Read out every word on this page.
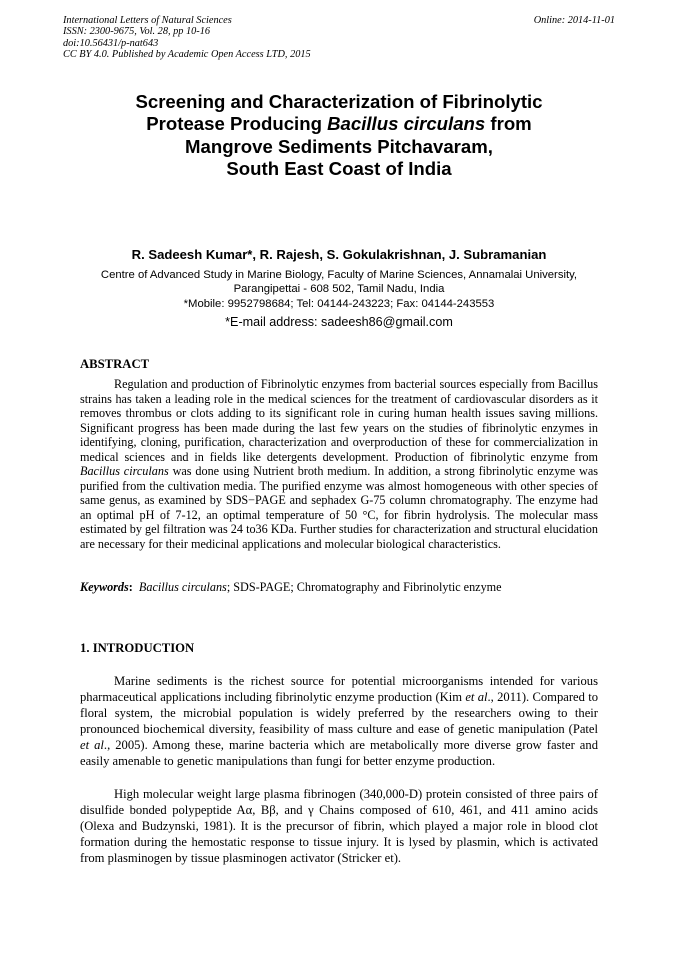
International Letters of Natural Sciences
ISSN: 2300-9675, Vol. 28, pp 10-16
doi:10.56431/p-nat643
CC BY 4.0. Published by Academic Open Access LTD, 2015
Online: 2014-11-01
Screening and Characterization of Fibrinolytic
Protease Producing Bacillus circulans from
Mangrove Sediments Pitchavaram,
South East Coast of India
R. Sadeesh Kumar*, R. Rajesh, S. Gokulakrishnan, J. Subramanian
Centre of Advanced Study in Marine Biology, Faculty of Marine Sciences, Annamalai University,
Parangipettai - 608 502, Tamil Nadu, India
*Mobile: 9952798684; Tel: 04144-243223; Fax: 04144-243553
*E-mail address: sadeesh86@gmail.com
ABSTRACT

Regulation and production of Fibrinolytic enzymes from bacterial sources especially from Bacillus strains has taken a leading role in the medical sciences for the treatment of cardiovascular disorders as it removes thrombus or clots adding to its significant role in curing human health issues saving millions. Significant progress has been made during the last few years on the studies of fibrinolytic enzymes in identifying, cloning, purification, characterization and overproduction of these for commercialization in medical sciences and in fields like detergents development. Production of fibrinolytic enzyme from Bacillus circulans was done using Nutrient broth medium. In addition, a strong fibrinolytic enzyme was purified from the cultivation media. The purified enzyme was almost homogeneous with other species of same genus, as examined by SDS−PAGE and sephadex G-75 column chromatography. The enzyme had an optimal pH of 7-12, an optimal temperature of 50 °C, for fibrin hydrolysis. The molecular mass estimated by gel filtration was 24 to36 KDa. Further studies for characterization and structural elucidation are necessary for their medicinal applications and molecular biological characteristics.

Keywords: Bacillus circulans; SDS-PAGE; Chromatography and Fibrinolytic enzyme

1. INTRODUCTION

Marine sediments is the richest source for potential microorganisms intended for various pharmaceutical applications including fibrinolytic enzyme production (Kim et al., 2011). Compared to floral system, the microbial population is widely preferred by the researchers owing to their pronounced biochemical diversity, feasibility of mass culture and ease of genetic manipulation (Patel et al., 2005). Among these, marine bacteria which are metabolically more diverse grow faster and easily amenable to genetic manipulations than fungi for better enzyme production.

High molecular weight large plasma fibrinogen (340,000-D) protein consisted of three pairs of disulfide bonded polypeptide Aα, Bβ, and γ Chains composed of 610, 461, and 411 amino acids (Olexa and Budzynski, 1981). It is the precursor of fibrin, which played a major role in blood clot formation during the hemostatic response to tissue injury. It is lysed by plasmin, which is activated from plasminogen by tissue plasminogen activator (Stricker et).
